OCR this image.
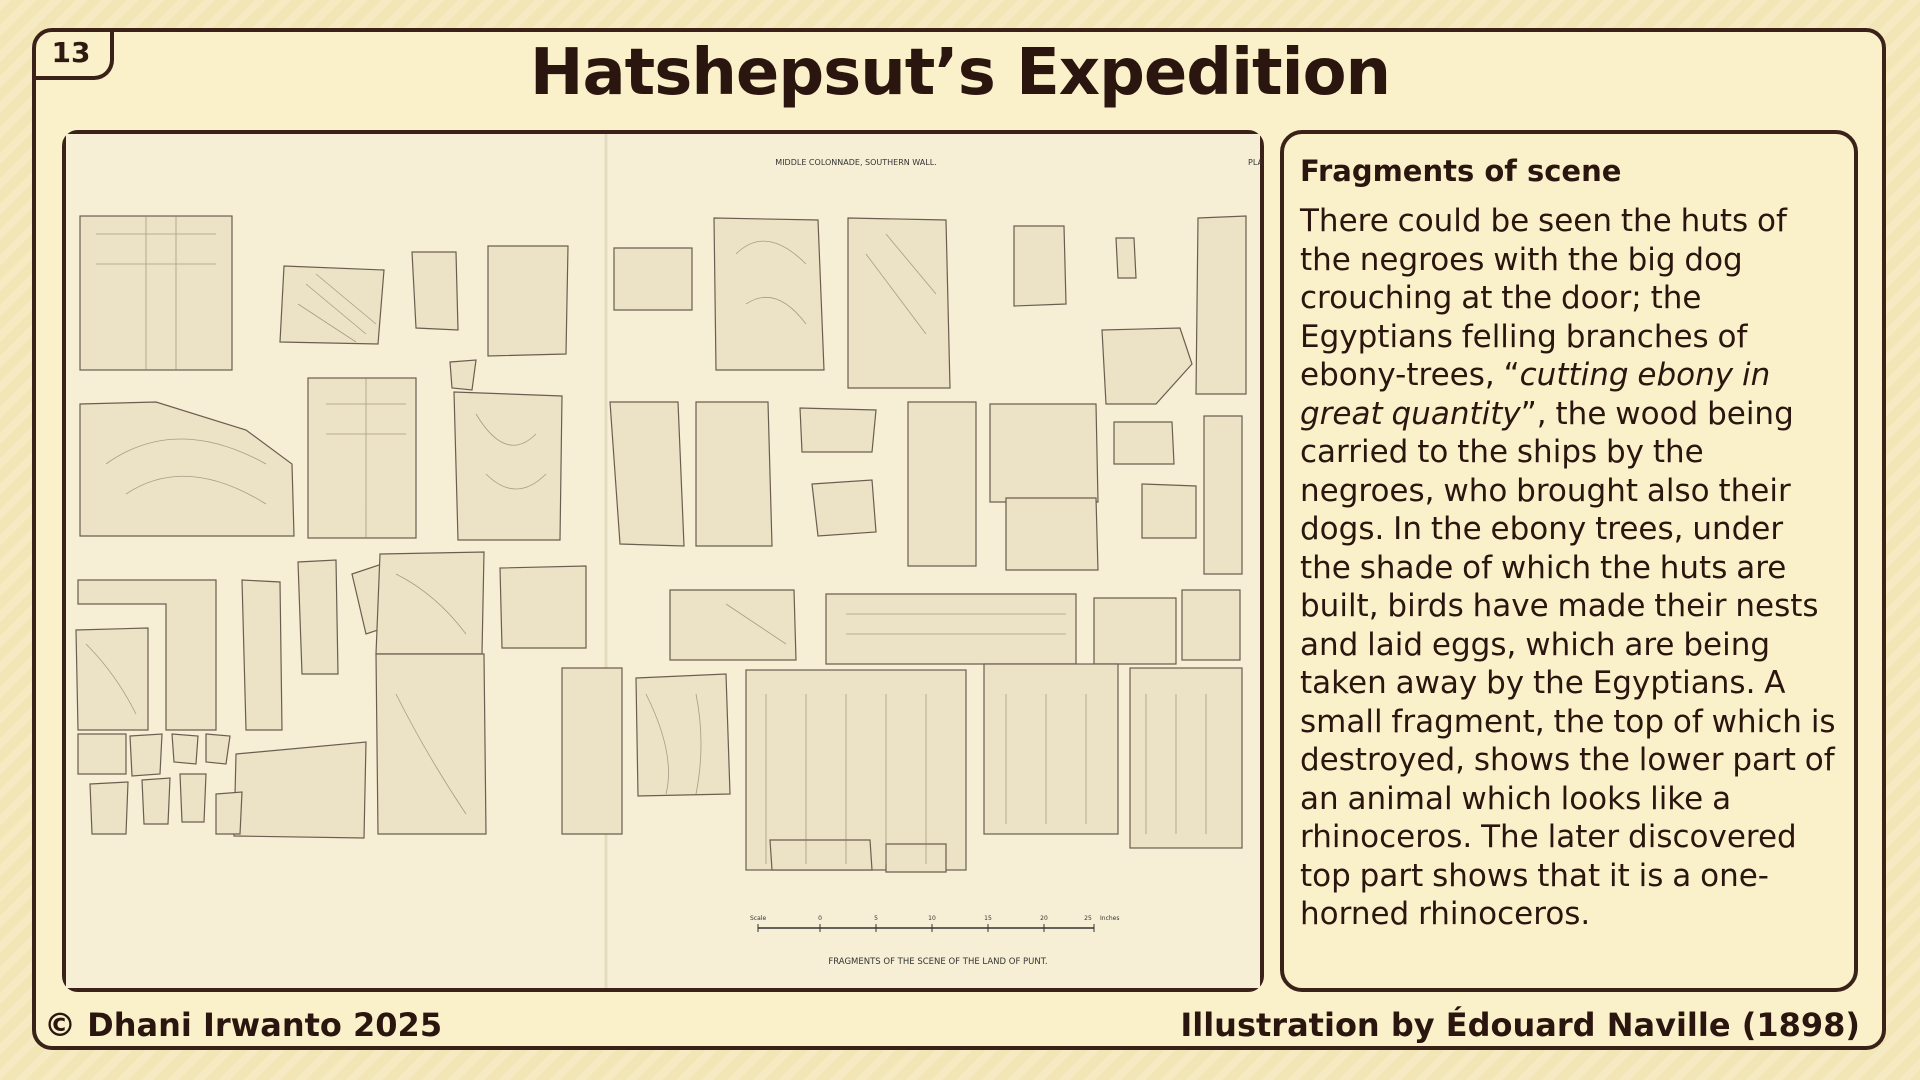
13	Hatshepsut’s Expedition
MIDDLE COLONNADE, SOUTHERN WALL.	PLA
Scale	0	5	10	15	20	25 Inches
FRAGMENTS OF THE SCENE OF THE LAND OF PUNT.
Fragments of scene

There could be seen the huts of the negroes with the big dog crouching at the door; the Egyptians felling branches of ebony-trees, “cutting ebony in great quantity”, the wood being carried to the ships by the negroes, who brought also their dogs. In the ebony trees, under the shade of which the huts are built, birds have made their nests and laid eggs, which are being taken away by the Egyptians. A small fragment, the top of which is destroyed, shows the lower part of an animal which looks like a rhinoceros. The later discovered top part shows that it is a one-horned rhinoceros.

© Dhani Irwanto 2025	Illustration by Édouard Naville (1898)
